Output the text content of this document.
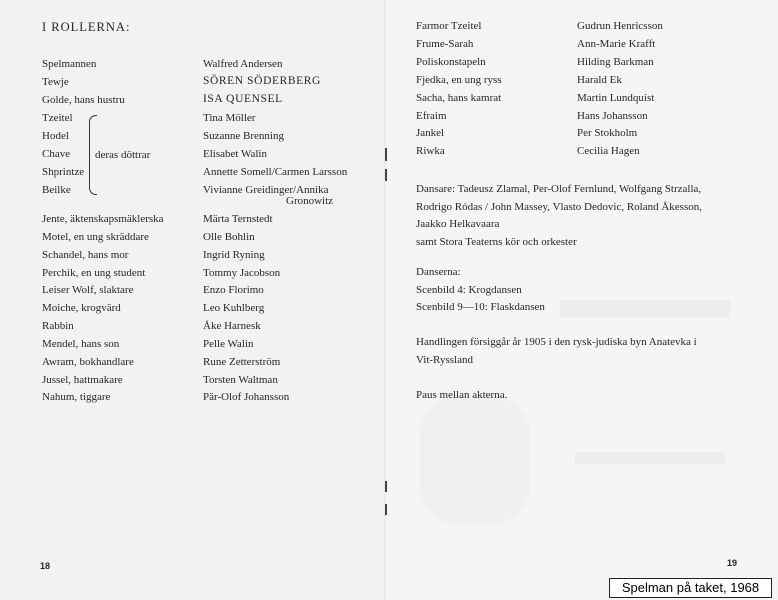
I ROLLERNA:
Spelmannen	Walfred Andersen
Tewje	SÖREN SÖDERBERG
Golde, hans hustru	ISA QUENSEL
Tzeitel	Tina Möller
Hodel	Suzanne Brenning
Chave	Elisabet Walin
Shprintze	Annette Somell/Carmen Larsson
Beilke	Vivianne Greidinger/Annika
Gronowitz
Jente, äktenskapsmäklerska	Märta Ternstedt
Motel, en ung skräddare	Olle Bohlin
Schandel, hans mor	Ingrid Ryning
Perchik, en ung student	Tommy Jacobson
Leiser Wolf, slaktare	Enzo Florimo
Moiche, krogvärd	Leo Kuhlberg
Rabbin	Åke Harnesk
Mendel, hans son	Pelle Walin
Awram, bokhandlare	Rune Zetterström
Jussel, hattmakare	Torsten Waltman
Nahum, tiggare	Pär-Olof Johansson
deras döttrar
18
Farmor Tzeitel	Gudrun Henricsson
Frume-Sarah	Ann-Marie Krafft
Poliskonstapeln	Hilding Barkman
Fjedka, en ung ryss	Harald Ek
Sacha, hans kamrat	Martin Lundquist
Efraim	Hans Johansson
Jankel	Per Stokholm
Riwka	Cecilia Hagen
Dansare: Tadeusz Zlamal, Per-Olof Fernlund, Wolfgang Strzalla,
Rodrigo Ródas / John Massey, Vlasto Dedovic, Roland Åkesson,
Jaakko Helkavaara
samt Stora Teaterns kör och orkester
Danserna:
Scenbild 4: Krogdansen
Scenbild 9—10: Flaskdansen
Handlingen försiggår år 1905 i den rysk-judiska byn Anatevka i
Vit-Ryssland
Paus mellan akterna.
19
Spelman på taket, 1968
